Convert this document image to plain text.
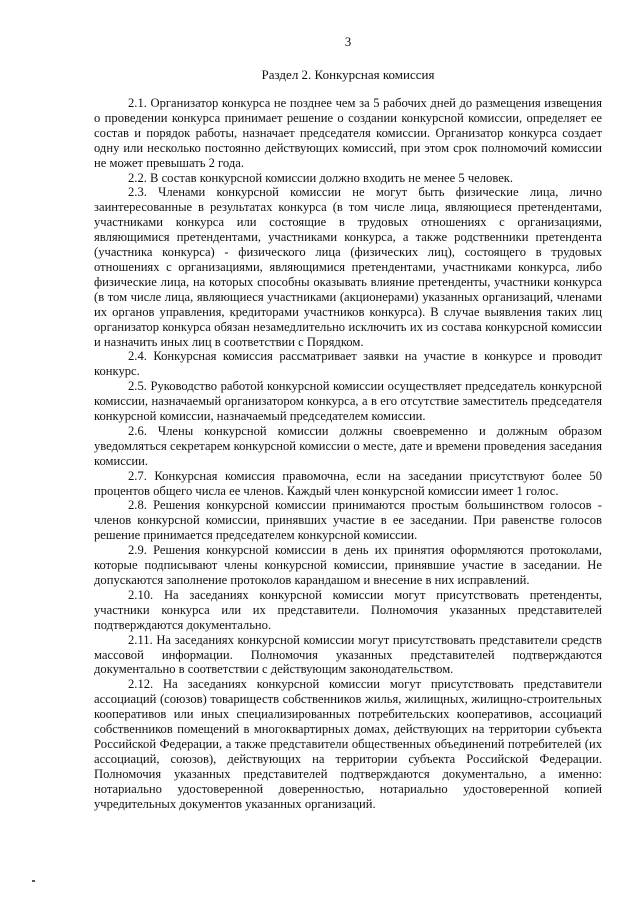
3
Раздел 2. Конкурсная комиссия

2.1. Организатор конкурса не позднее чем за 5 рабочих дней до размещения извещения о проведении конкурса принимает решение о создании конкурсной комиссии, определяет ее состав и порядок работы, назначает председателя комиссии. Организатор конкурса создает одну или несколько постоянно действующих комиссий, при этом срок полномочий комиссии не может превышать 2 года.

2.2. В состав конкурсной комиссии должно входить не менее 5 человек.

2.3. Членами конкурсной комиссии не могут быть физические лица, лично заинтересованные в результатах конкурса (в том числе лица, являющиеся претендентами, участниками конкурса или состоящие в трудовых отношениях с организациями, являющимися претендентами, участниками конкурса, а также родственники претендента (участника конкурса) - физического лица (физических лиц), состоящего в трудовых отношениях с организациями, являющимися претендентами, участниками конкурса, либо физические лица, на которых способны оказывать влияние претенденты, участники конкурса (в том числе лица, являющиеся участниками (акционерами) указанных организаций, членами их органов управления, кредиторами участников конкурса). В случае выявления таких лиц организатор конкурса обязан незамедлительно исключить их из состава конкурсной комиссии и назначить иных лиц в соответствии с Порядком.

2.4. Конкурсная комиссия рассматривает заявки на участие в конкурсе и проводит конкурс.

2.5. Руководство работой конкурсной комиссии осуществляет председатель конкурсной комиссии, назначаемый организатором конкурса, а в его отсутствие заместитель председателя конкурсной комиссии, назначаемый председателем комиссии.

2.6. Члены конкурсной комиссии должны своевременно и должным образом уведомляться секретарем конкурсной комиссии о месте, дате и времени проведения заседания комиссии.

2.7. Конкурсная комиссия правомочна, если на заседании присутствуют более 50 процентов общего числа ее членов. Каждый член конкурсной комиссии имеет 1 голос.

2.8. Решения конкурсной комиссии принимаются простым большинством голосов - членов конкурсной комиссии, принявших участие в ее заседании. При равенстве голосов решение принимается председателем конкурсной комиссии.

2.9. Решения конкурсной комиссии в день их принятия оформляются протоколами, которые подписывают члены конкурсной комиссии, принявшие участие в заседании. Не допускаются заполнение протоколов карандашом и внесение в них исправлений.

2.10. На заседаниях конкурсной комиссии могут присутствовать претенденты, участники конкурса или их представители. Полномочия указанных представителей подтверждаются документально.

2.11. На заседаниях конкурсной комиссии могут присутствовать представители средств массовой информации. Полномочия указанных представителей подтверждаются документально в соответствии с действующим законодательством.

2.12. На заседаниях конкурсной комиссии могут присутствовать представители ассоциаций (союзов) товариществ собственников жилья, жилищных, жилищно-строительных кооперативов или иных специализированных потребительских кооперативов, ассоциаций собственников помещений в многоквартирных домах, действующих на территории субъекта Российской Федерации, а также представители общественных объединений потребителей (их ассоциаций, союзов), действующих на территории субъекта Российской Федерации. Полномочия указанных представителей подтверждаются документально, а именно: нотариально удостоверенной доверенностью, нотариально удостоверенной копией учредительных документов указанных организаций.
